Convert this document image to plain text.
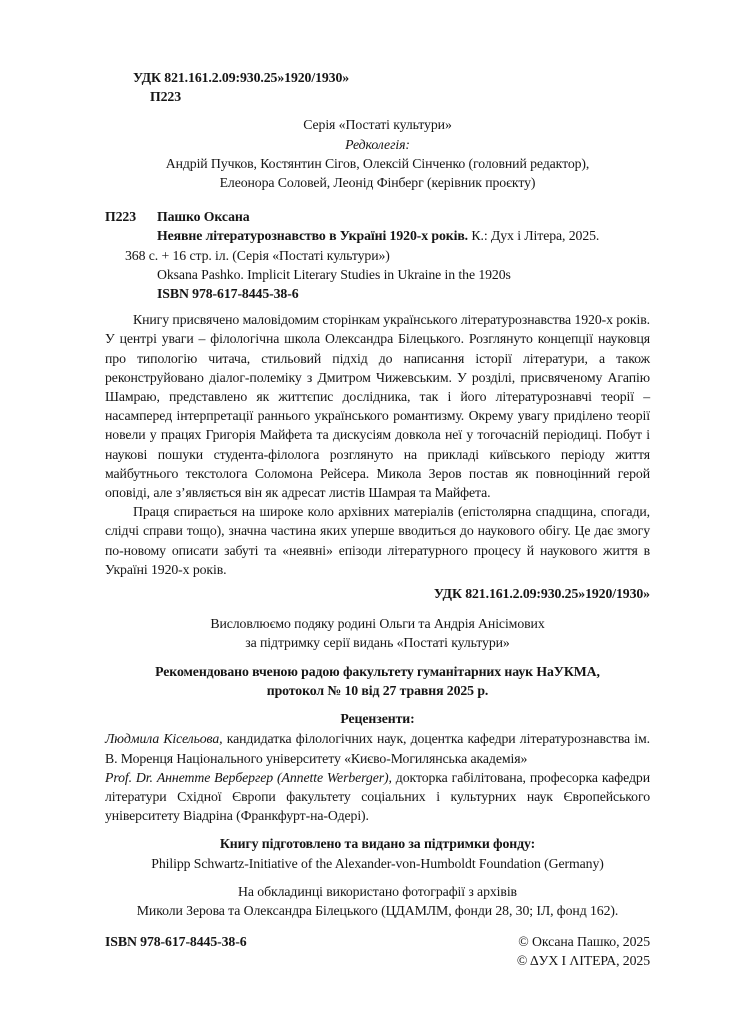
УДК 821.161.2.09:930.25»1920/1930»
П223
Серія «Постаті культури»
Редколегія:
Андрій Пучков, Костянтин Сігов, Олексій Сінченко (головний редактор),
Елеонора Соловей, Леонід Фінберг (керівник проєкту)
П223 Пашко Оксана
Неявне літературознавство в Україні 1920-х років. К.: Дух і Літера, 2025.
368 с. + 16 стр. іл. (Серія «Постаті культури»)
Oksana Pashko. Implicit Literary Studies in Ukraine in the 1920s
ISBN 978-617-8445-38-6

Книгу присвячено маловідомим сторінкам українського літературознавства 1920-х років. У центрі уваги – філологічна школа Олександра Білецького. Розглянуто концепції науковця про типологію читача, стильовий підхід до написання історії літератури, а також реконструйовано діалог-полеміку з Дмитром Чижевським. У розділі, присвяченому Агапію Шамраю, представлено як життєпис дослідника, так і його літературознавчі теорії – насамперед інтерпретації раннього українського романтизму. Окрему увагу приділено теорії новели у працях Григорія Майфета та дискусіям довкола неї у тогочасній періодиці. Побут і наукові пошуки студента-філолога розглянуто на прикладі київського періоду життя майбутнього текстолога Соломона Рейсера. Микола Зеров постав як повноцінний герой оповіді, але зʼявляється він як адресат листів Шамрая та Майфета.

Праця спирається на широке коло архівних матеріалів (епістолярна спадщина, спогади, слідчі справи тощо), значна частина яких уперше вводиться до наукового обігу. Це дає змогу по-новому описати забуті та «неявні» епізоди літературного процесу й наукового життя в Україні 1920-х років.

УДК 821.161.2.09:930.25»1920/1930»
Висловлюємо подяку родині Ольги та Андрія Анісімових
за підтримку серії видань «Постаті культури»
Рекомендовано вченою радою факультету гуманітарних наук НаУКМА,
протокол № 10 від 27 травня 2025 р.
Рецензенти:

Людмила Кісельова, кандидатка філологічних наук, доцентка кафедри літературознавства ім. В. Моренця Національного університету «Києво-Могилянська академія»

Prof. Dr. Аннетте Вербергер (Annette Werberger), докторка габілітована, професорка кафедри літератури Східної Європи факультету соціальних і культурних наук Європейського університету Віадріна (Франкфурт-на-Одері).

Книгу підготовлено та видано за підтримки фонду:
Philipp Schwartz-Initiative of the Alexander-von-Humboldt Foundation (Germany)
На обкладинці використано фотографії з архівів
Миколи Зерова та Олександра Білецького (ЦДАМЛМ, фонди 28, 30; ІЛ, фонд 162).
ISBN 978-617-8445-38-6	© Оксана Пашко, 2025
© ΔУХ І ΛІТЕРА, 2025
